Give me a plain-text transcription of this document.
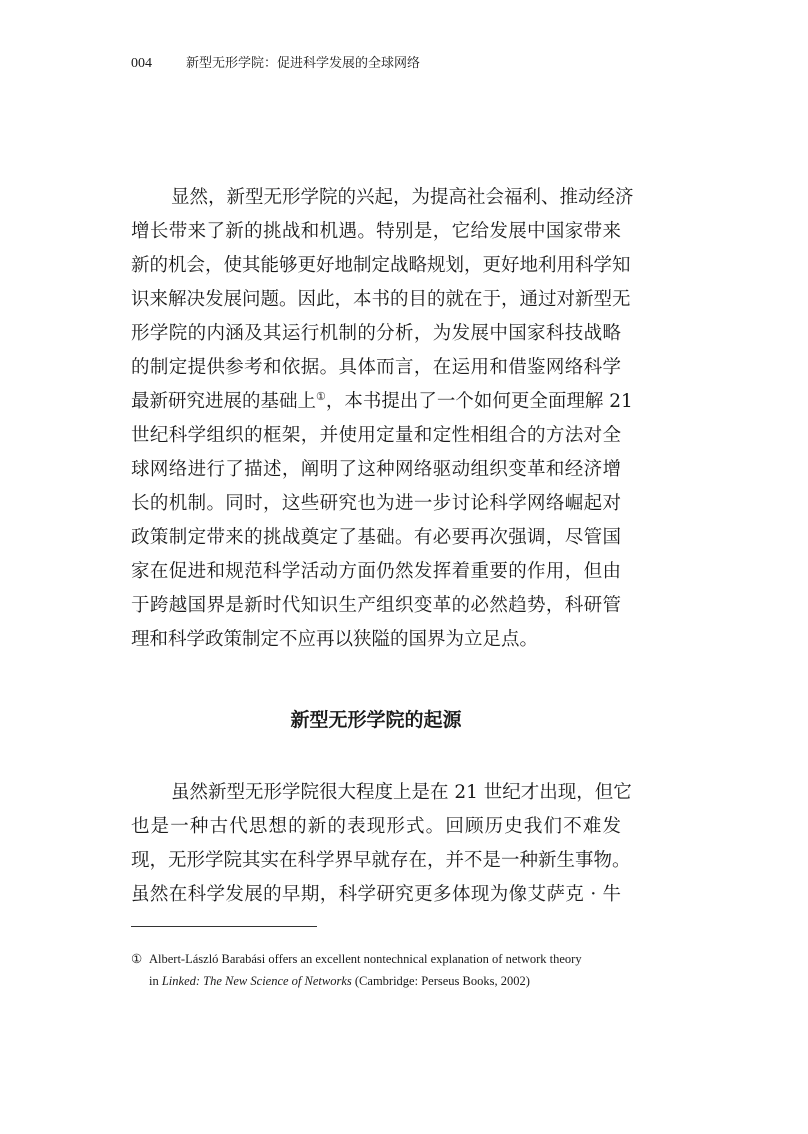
004	新型无形学院：促进科学发展的全球网络
显然，新型无形学院的兴起，为提高社会福利、推动经济
增长带来了新的挑战和机遇。特别是，它给发展中国家带来
新的机会，使其能够更好地制定战略规划，更好地利用科学知
识来解决发展问题。因此，本书的目的就在于，通过对新型无
形学院的内涵及其运行机制的分析，为发展中国家科技战略
的制定提供参考和依据。具体而言，在运用和借鉴网络科学
最新研究进展的基础上①，本书提出了一个如何更全面理解 21
世纪科学组织的框架，并使用定量和定性相组合的方法对全
球网络进行了描述，阐明了这种网络驱动组织变革和经济增
长的机制。同时，这些研究也为进一步讨论科学网络崛起对
政策制定带来的挑战奠定了基础。有必要再次强调，尽管国
家在促进和规范科学活动方面仍然发挥着重要的作用，但由
于跨越国界是新时代知识生产组织变革的必然趋势，科研管
理和科学政策制定不应再以狭隘的国界为立足点。
新型无形学院的起源
虽然新型无形学院很大程度上是在 21 世纪才出现，但它
也是一种古代思想的新的表现形式。回顾历史我们不难发
现，无形学院其实在科学界早就存在，并不是一种新生事物。
虽然在科学发展的早期，科学研究更多体现为像艾萨克 · 牛
① Albert-László Barabási offers an excellent nontechnical explanation of network theory
in Linked: The New Science of Networks (Cambridge: Perseus Books, 2002)
